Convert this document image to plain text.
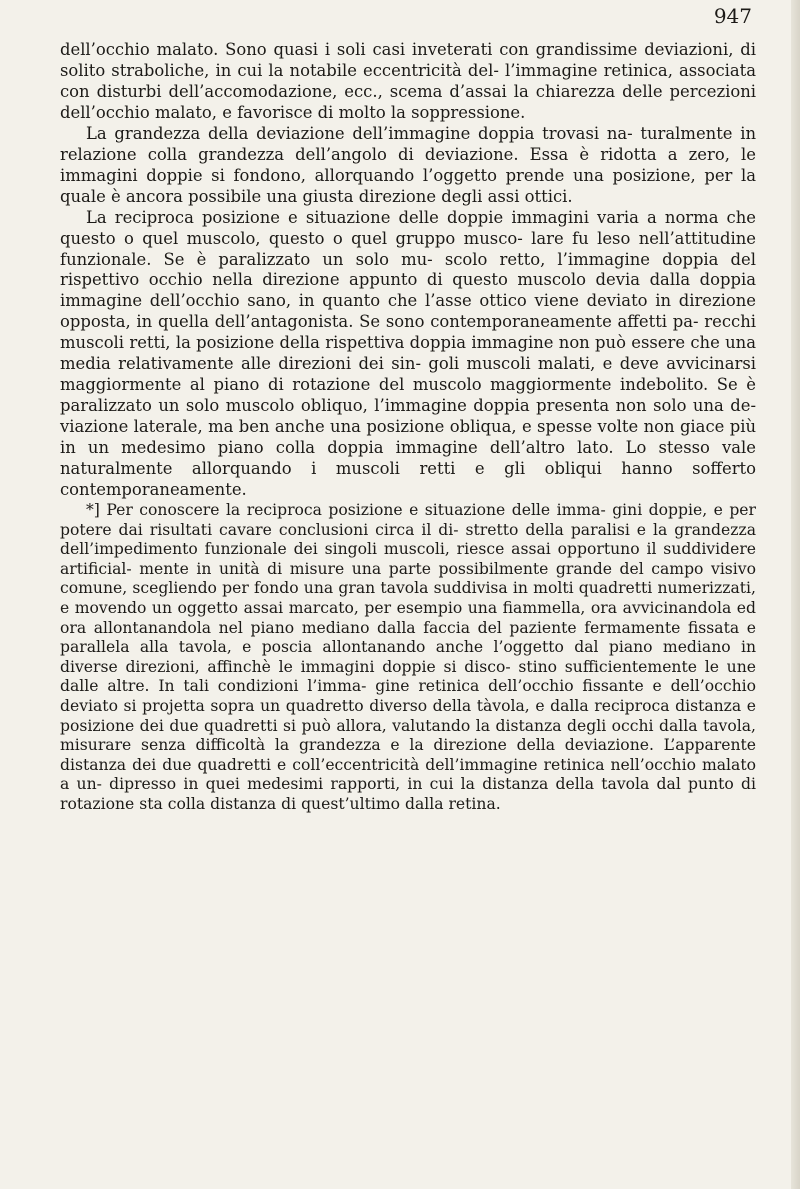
947

dell’occhio malato. Sono quasi i soli casi inveterati con grandissime deviazioni, di solito straboliche, in cui la notabile eccentricità del- l’immagine retinica, associata con disturbi dell’accomodazione, ecc., scema d’assai la chiarezza delle percezioni dell’occhio malato, e favorisce di molto la soppressione.

La grandezza della deviazione dell’immagine doppia trovasi na- turalmente in relazione colla grandezza dell’angolo di deviazione. Essa è ridotta a zero, le immagini doppie si fondono, allorquando l’oggetto prende una posizione, per la quale è ancora possibile una giusta direzione degli assi ottici.

La reciproca posizione e situazione delle doppie immagini varia a norma che questo o quel muscolo, questo o quel gruppo musco- lare fu leso nell’attitudine funzionale. Se è paralizzato un solo mu- scolo retto, l’immagine doppia del rispettivo occhio nella direzione appunto di questo muscolo devia dalla doppia immagine dell’occhio sano, in quanto che l’asse ottico viene deviato in direzione opposta, in quella dell’antagonista. Se sono contemporaneamente affetti pa- recchi muscoli retti, la posizione della rispettiva doppia immagine non può essere che una media relativamente alle direzioni dei sin- goli muscoli malati, e deve avvicinarsi maggiormente al piano di rotazione del muscolo maggiormente indebolito. Se è paralizzato un solo muscolo obliquo, l’immagine doppia presenta non solo una de- viazione laterale, ma ben anche una posizione obliqua, e spesse volte non giace più in un medesimo piano colla doppia immagine dell’altro lato. Lo stesso vale naturalmente allorquando i muscoli retti e gli obliqui hanno sofferto contemporaneamente.

*] Per conoscere la reciproca posizione e situazione delle imma- gini doppie, e per potere dai risultati cavare conclusioni circa il di- stretto della paralisi e la grandezza dell’impedimento funzionale dei singoli muscoli, riesce assai opportuno il suddividere artificial- mente in unità di misure una parte possibilmente grande del campo visivo comune, scegliendo per fondo una gran tavola suddivisa in molti quadretti numerizzati, e movendo un oggetto assai marcato, per esempio una fiammella, ora avvicinandola ed ora allontanandola nel piano mediano dalla faccia del paziente fermamente fissata e parallela alla tavola, e poscia allontanando anche l’oggetto dal piano mediano in diverse direzioni, affinchè le immagini doppie si disco- stino sufficientemente le une dalle altre. In tali condizioni l’imma- gine retinica dell’occhio fissante e dell’occhio deviato si projetta sopra un quadretto diverso della tàvola, e dalla reciproca distanza e posizione dei due quadretti si può allora, valutando la distanza degli occhi dalla tavola, misurare senza difficoltà la grandezza e la direzione della deviazione. L’apparente distanza dei due quadretti e coll’eccentricità dell’immagine retinica nell’occhio malato a un- dipresso in quei medesimi rapporti, in cui la distanza della tavola dal punto di rotazione sta colla distanza di quest’ultimo dalla retina.
